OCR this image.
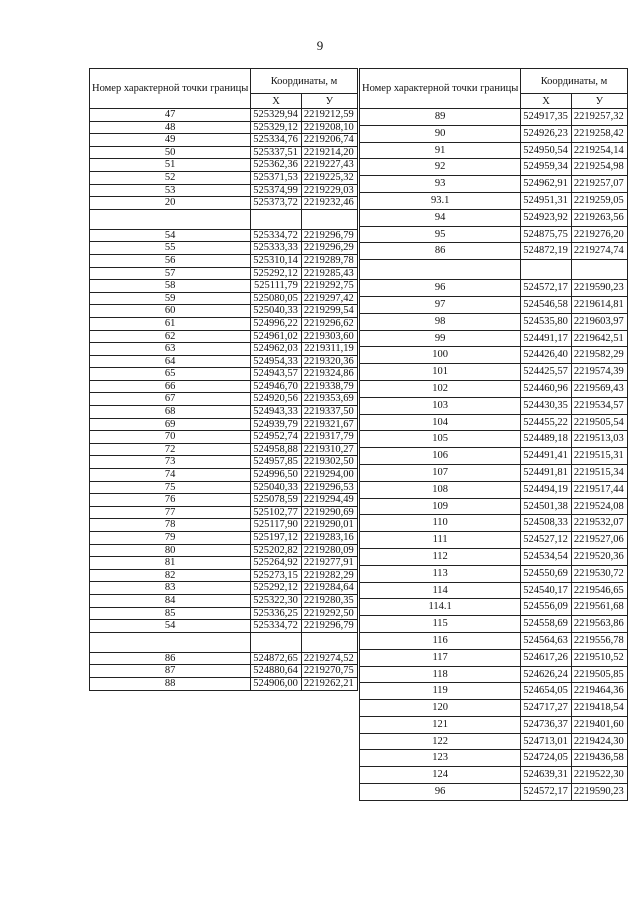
9
Номер характерной точки границы	Координаты, м	
	X	У
47	525329,94	2219212,59
48	525329,12	2219208,10
49	525334,76	2219206,74
50	525337,51	2219214,20
51	525362,36	2219227,43
52	525371,53	2219225,32
53	525374,99	2219229,03
20	525373,72	2219232,46

54	525334,72	2219296,79
55	525333,33	2219296,29
56	525310,14	2219289,78
57	525292,12	2219285,43
58	525111,79	2219292,75
59	525080,05	2219297,42
60	525040,33	2219299,54
61	524996,22	2219296,62
62	524961,02	2219303,60
63	524962,03	2219311,19
64	524954,33	2219320,36
65	524943,57	2219324,86
66	524946,70	2219338,79
67	524920,56	2219353,69
68	524943,33	2219337,50
69	524939,79	2219321,67
70	524952,74	2219317,79
72	524958,88	2219310,27
73	524957,85	2219302,50
74	524996,50	2219294,00
75	525040,33	2219296,53
76	525078,59	2219294,49
77	525102,77	2219290,69
78	525117,90	2219290,01
79	525197,12	2219283,16
80	525202,82	2219280,09
81	525264,92	2219277,91
82	525273,15	2219282,29
83	525292,12	2219284,64
84	525322,30	2219280,35
85	525336,25	2219292,50
54	525334,72	2219296,79

86	524872,65	2219274,52
87	524880,64	2219270,75
88	524906,00	2219262,21
Номер характерной точки границы	Координаты, м	
	X	У
89	524917,35	2219257,32
90	524926,23	2219258,42
91	524950,54	2219254,14
92	524959,34	2219254,98
93	524962,91	2219257,07
93.1	524951,31	2219259,05
94	524923,92	2219263,56
95	524875,75	2219276,20
86	524872,19	2219274,74

96	524572,17	2219590,23
97	524546,58	2219614,81
98	524535,80	2219603,97
99	524491,17	2219642,51
100	524426,40	2219582,29
101	524425,57	2219574,39
102	524460,96	2219569,43
103	524430,35	2219534,57
104	524455,22	2219505,54
105	524489,18	2219513,03
106	524491,41	2219515,31
107	524491,81	2219515,34
108	524494,19	2219517,44
109	524501,38	2219524,08
110	524508,33	2219532,07
111	524527,12	2219527,06
112	524534,54	2219520,36
113	524550,69	2219530,72
114	524540,17	2219546,65
114.1	524556,09	2219561,68
115	524558,69	2219563,86
116	524564,63	2219556,78
117	524617,26	2219510,52
118	524626,24	2219505,85
119	524654,05	2219464,36
120	524717,27	2219418,54
121	524736,37	2219401,60
122	524713,01	2219424,30
123	524724,05	2219436,58
124	524639,31	2219522,30
96	524572,17	2219590,23
